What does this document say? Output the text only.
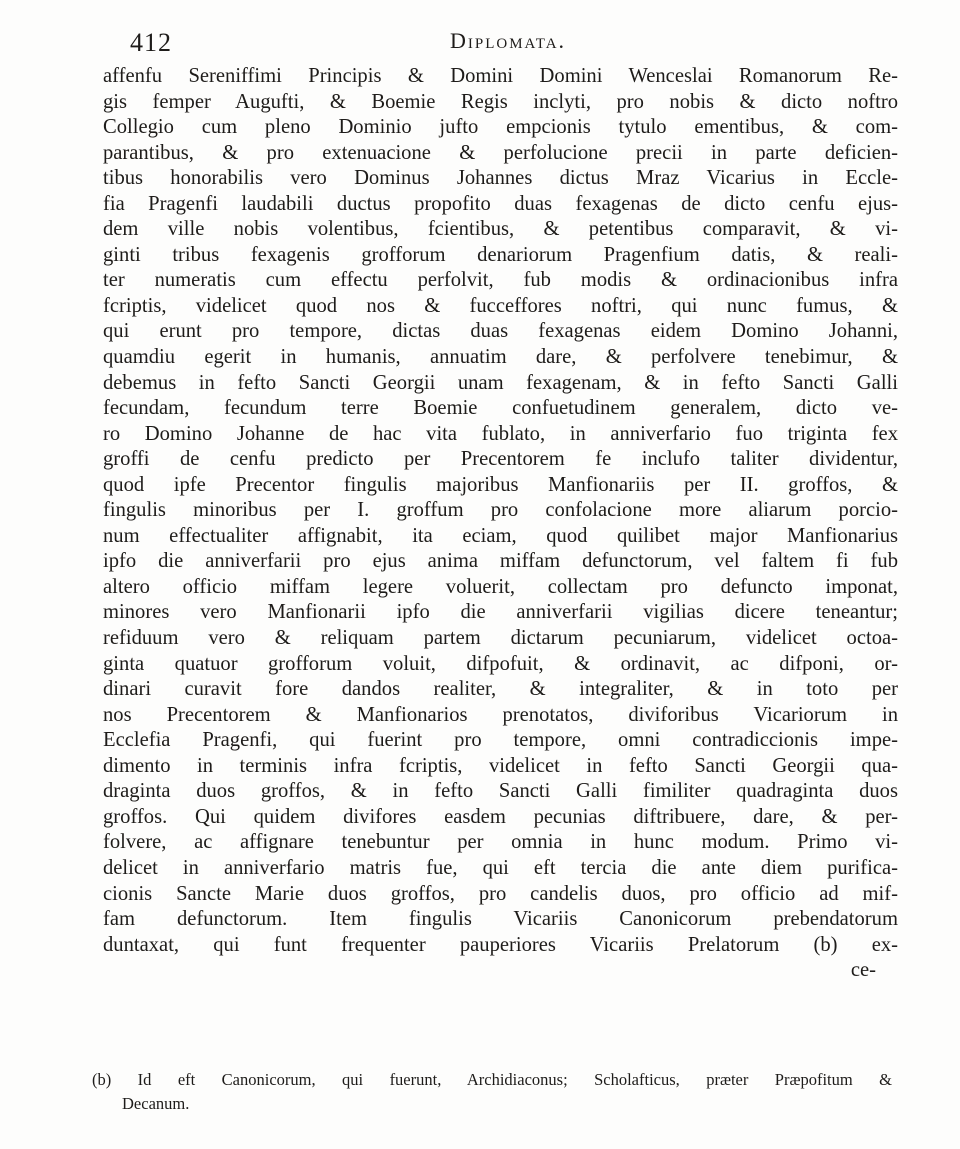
412	Diplomata.
affenfu Sereniffimi Principis & Domini Domini Wenceslai Romanorum Re-
gis femper Augufti, & Boemie Regis inclyti, pro nobis & dicto noftro
Collegio cum pleno Dominio jufto empcionis tytulo ementibus, & com-
parantibus, & pro extenuacione & perfolucione precii in parte deficien-
tibus honorabilis vero Dominus Johannes dictus Mraz Vicarius in Eccle-
fia Pragenfi laudabili ductus propofito duas fexagenas de dicto cenfu ejus-
dem ville nobis volentibus, fcientibus, & petentibus comparavit, & vi-
ginti tribus fexagenis grofforum denariorum Pragenfium datis, & reali-
ter numeratis cum effectu perfolvit, fub modis & ordinacionibus infra
fcriptis, videlicet quod nos & fucceffores noftri, qui nunc fumus, &
qui erunt pro tempore, dictas duas fexagenas eidem Domino Johanni,
quamdiu egerit in humanis, annuatim dare, & perfolvere tenebimur, &
debemus in fefto Sancti Georgii unam fexagenam, & in fefto Sancti Galli
fecundam, fecundum terre Boemie confuetudinem generalem, dicto ve-
ro Domino Johanne de hac vita fublato, in anniverfario fuo triginta fex
groffi de cenfu predicto per Precentorem fe inclufo taliter dividentur,
quod ipfe Precentor fingulis majoribus Manfionariis per II. groffos, &
fingulis minoribus per I. groffum pro confolacione more aliarum porcio-
num effectualiter affignabit, ita eciam, quod quilibet major Manfionarius
ipfo die anniverfarii pro ejus anima miffam defunctorum, vel faltem fi fub
altero officio miffam legere voluerit, collectam pro defuncto imponat,
minores vero Manfionarii ipfo die anniverfarii vigilias dicere teneantur;
refiduum vero & reliquam partem dictarum pecuniarum, videlicet octoa-
ginta quatuor grofforum voluit, difpofuit, & ordinavit, ac difponi, or-
dinari curavit fore dandos realiter, & integraliter, & in toto per
nos Precentorem & Manfionarios prenotatos, diviforibus Vicariorum in
Ecclefia Pragenfi, qui fuerint pro tempore, omni contradiccionis impe-
dimento in terminis infra fcriptis, videlicet in fefto Sancti Georgii qua-
draginta duos groffos, & in fefto Sancti Galli fimiliter quadraginta duos
groffos. Qui quidem divifores easdem pecunias diftribuere, dare, & per-
folvere, ac affignare tenebuntur per omnia in hunc modum. Primo vi-
delicet in anniverfario matris fue, qui eft tercia die ante diem purifica-
cionis Sancte Marie duos groffos, pro candelis duos, pro officio ad mif-
fam defunctorum. Item fingulis Vicariis Canonicorum prebendatorum
duntaxat, qui funt frequenter pauperiores Vicariis Prelatorum (b) ex-
ce-
(b) Id eft Canonicorum, qui fuerunt, Archidiaconus; Scholafticus, præter Præpofitum &
Decanum.
